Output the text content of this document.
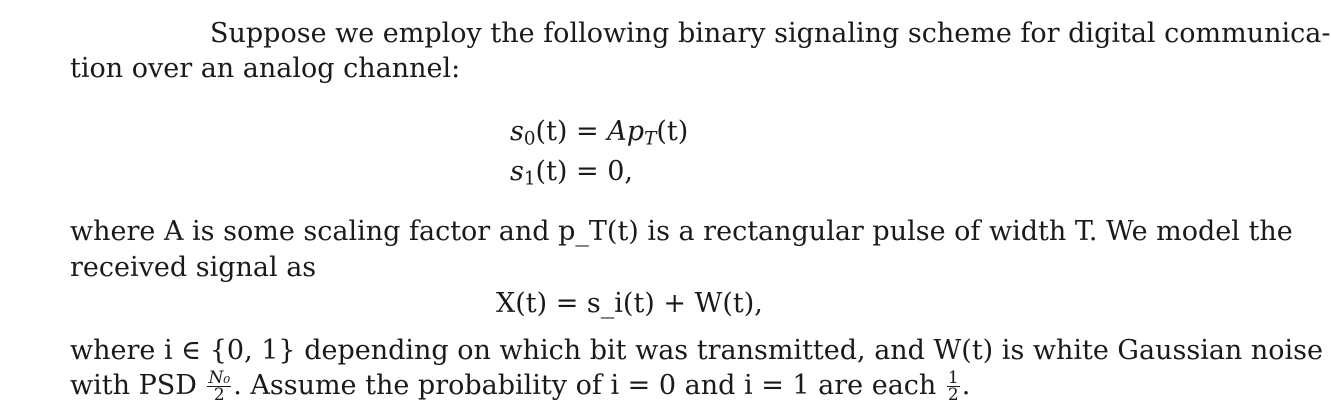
Suppose we employ the following binary signaling scheme for digital communica-
tion over an analog channel:
$s_0(t) = Ap_T(t)$
$s_1(t) = 0$,
where A is some scaling factor and p_T(t) is a rectangular pulse of width T. We model the
received signal as
X(t) = s_i(t) + W(t),
where i ∈ {0, 1} depending on which bit was transmitted, and W(t) is white Gaussian noise
with PSD $\frac{\text{N₀}}{2}$ . Assume the probability of i = 0 and i = 1 are each $\frac{1}{2}$ .
